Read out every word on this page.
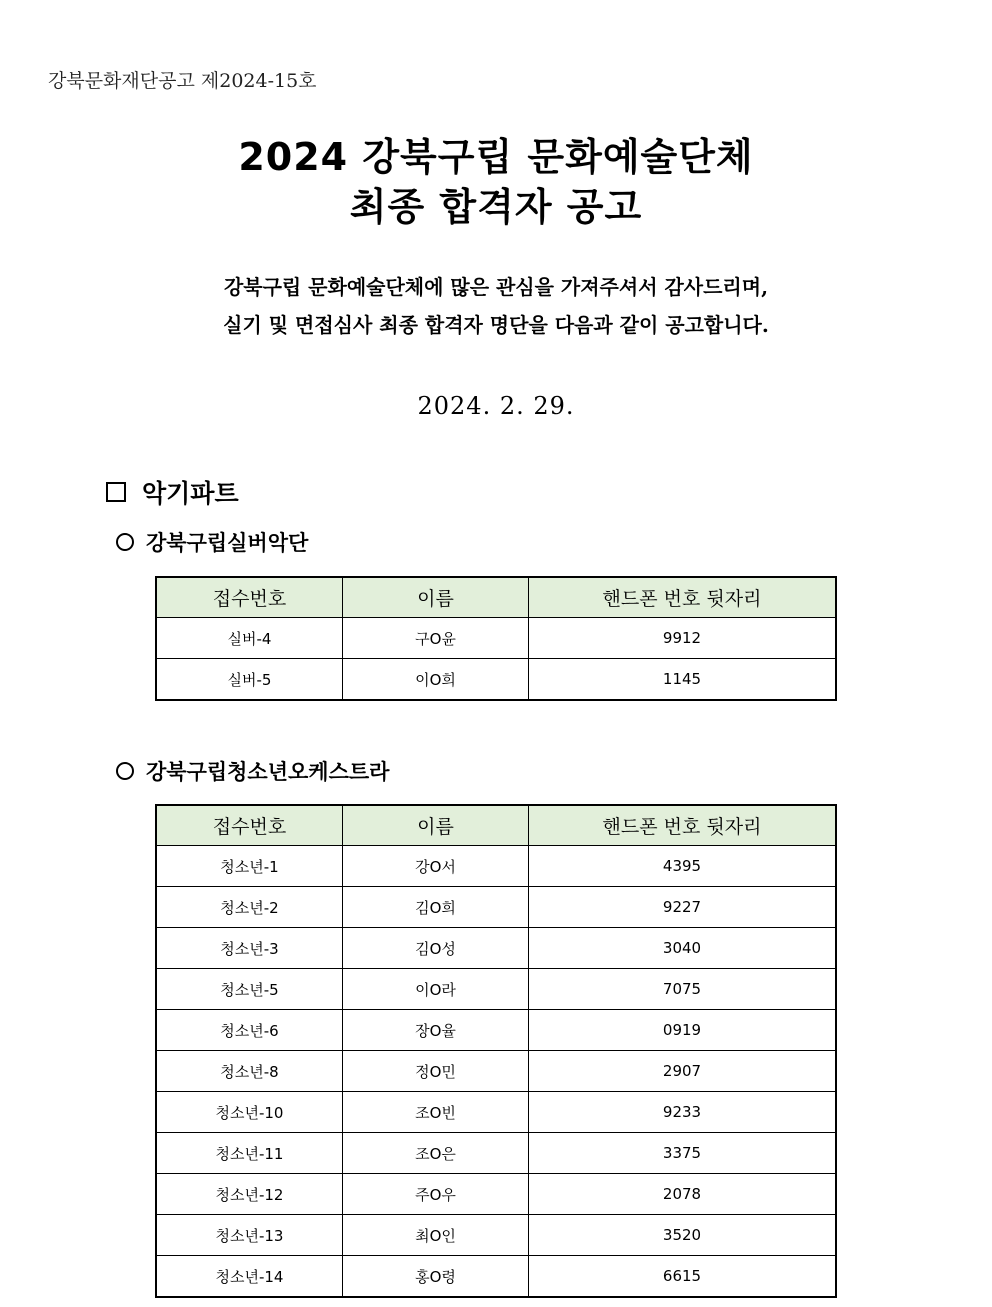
강북문화재단공고 제2024-15호
2024 강북구립 문화예술단체
최종 합격자 공고
강북구립 문화예술단체에 많은 관심을 가져주셔서 감사드리며,
실기 및 면접심사 최종 합격자 명단을 다음과 같이 공고합니다.
2024. 2. 29.
악기파트
강북구립실버악단
접수번호	이름	핸드폰 번호 뒷자리
실버-4	구O윤	9912
실버-5	이O희	1145
강북구립청소년오케스트라
접수번호	이름	핸드폰 번호 뒷자리
청소년-1	강O서	4395
청소년-2	김O희	9227
청소년-3	김O성	3040
청소년-5	이O라	7075
청소년-6	장O율	0919
청소년-8	정O민	2907
청소년-10	조O빈	9233
청소년-11	조O은	3375
청소년-12	주O우	2078
청소년-13	최O인	3520
청소년-14	홍O령	6615
